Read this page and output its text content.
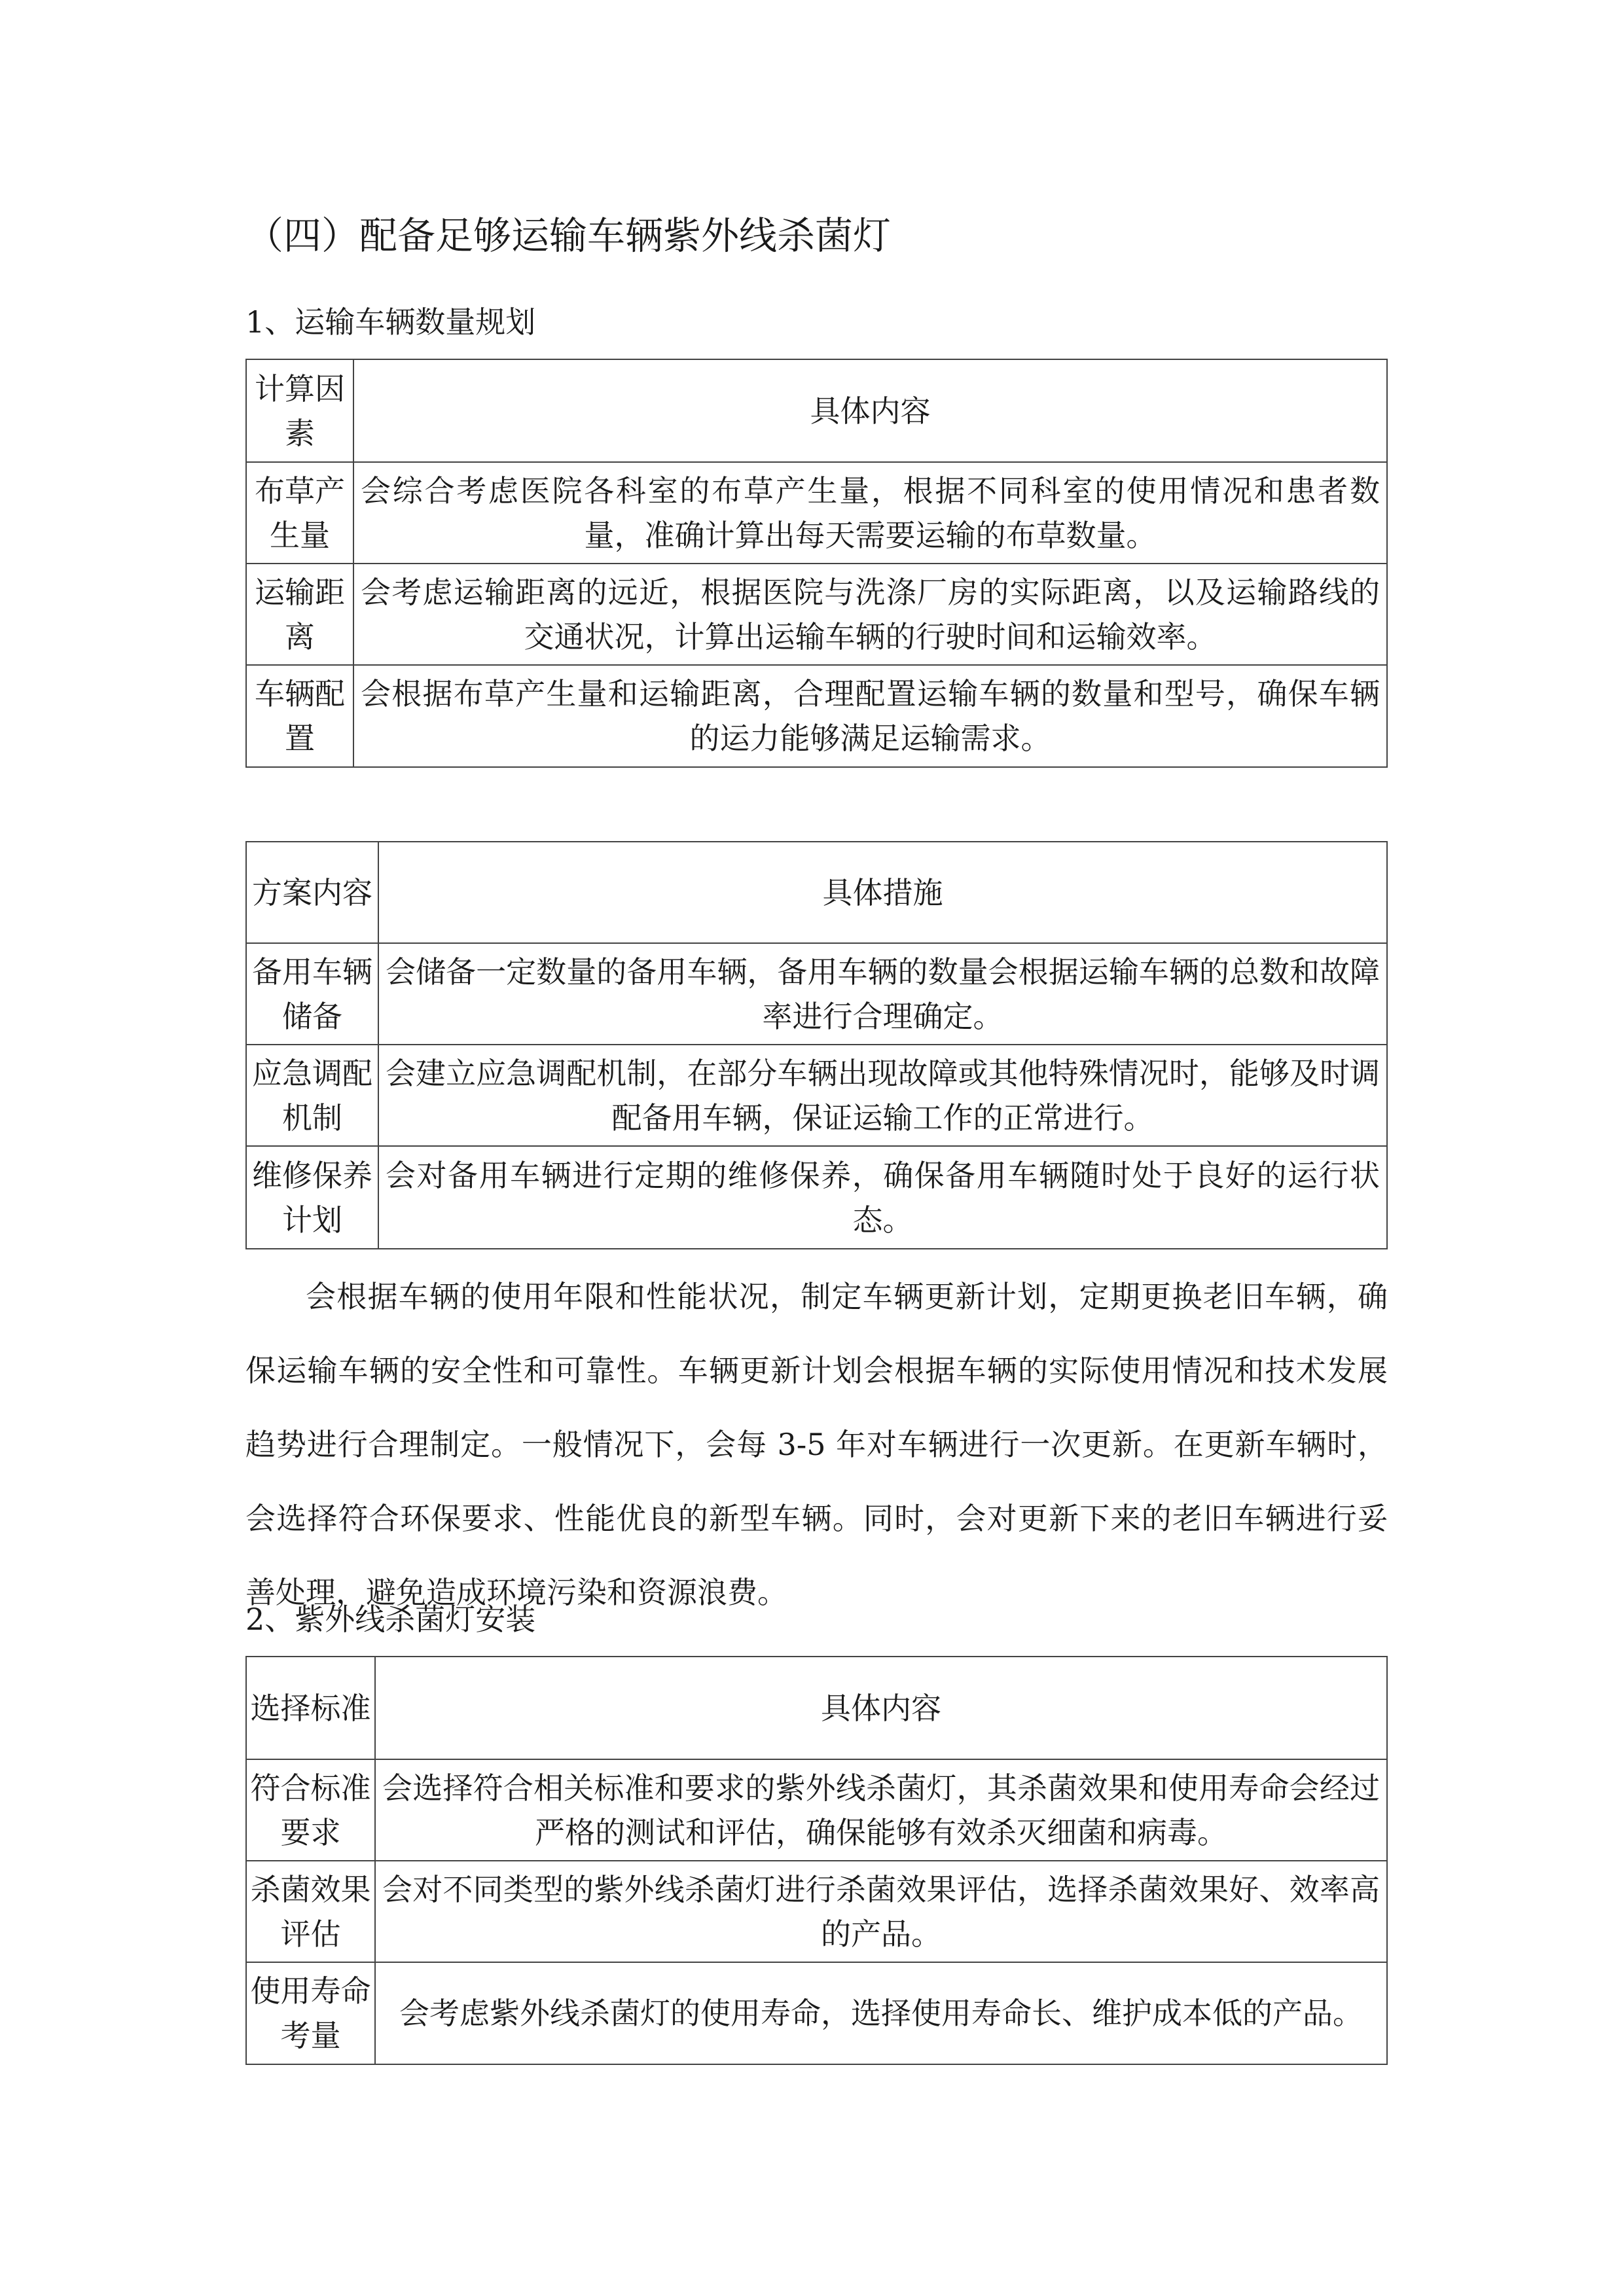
（四）配备足够运输车辆紫外线杀菌灯
1、运输车辆数量规划
计算因素	具体内容
布草产生量	会综合考虑医院各科室的布草产生量，根据不同科室的使用情况和患者数量，准确计算出每天需要运输的布草数量。
运输距离	会考虑运输距离的远近，根据医院与洗涤厂房的实际距离，以及运输路线的交通状况，计算出运输车辆的行驶时间和运输效率。
车辆配置	会根据布草产生量和运输距离，合理配置运输车辆的数量和型号，确保车辆的运力能够满足运输需求。
方案内容	具体措施
备用车辆储备	会储备一定数量的备用车辆，备用车辆的数量会根据运输车辆的总数和故障率进行合理确定。
应急调配机制	会建立应急调配机制，在部分车辆出现故障或其他特殊情况时，能够及时调配备用车辆，保证运输工作的正常进行。
维修保养计划	会对备用车辆进行定期的维修保养，确保备用车辆随时处于良好的运行状态。
会根据车辆的使用年限和性能状况，制定车辆更新计划，定期更换老旧车辆，确保运输车辆的安全性和可靠性。车辆更新计划会根据车辆的实际使用情况和技术发展趋势进行合理制定。一般情况下，会每 3-5 年对车辆进行一次更新。在更新车辆时，会选择符合环保要求、性能优良的新型车辆。同时，会对更新下来的老旧车辆进行妥善处理，避免造成环境污染和资源浪费。
2、紫外线杀菌灯安装
选择标准	具体内容
符合标准要求	会选择符合相关标准和要求的紫外线杀菌灯，其杀菌效果和使用寿命会经过严格的测试和评估，确保能够有效杀灭细菌和病毒。
杀菌效果评估	会对不同类型的紫外线杀菌灯进行杀菌效果评估，选择杀菌效果好、效率高的产品。
使用寿命考量	会考虑紫外线杀菌灯的使用寿命，选择使用寿命长、维护成本低的产品。
